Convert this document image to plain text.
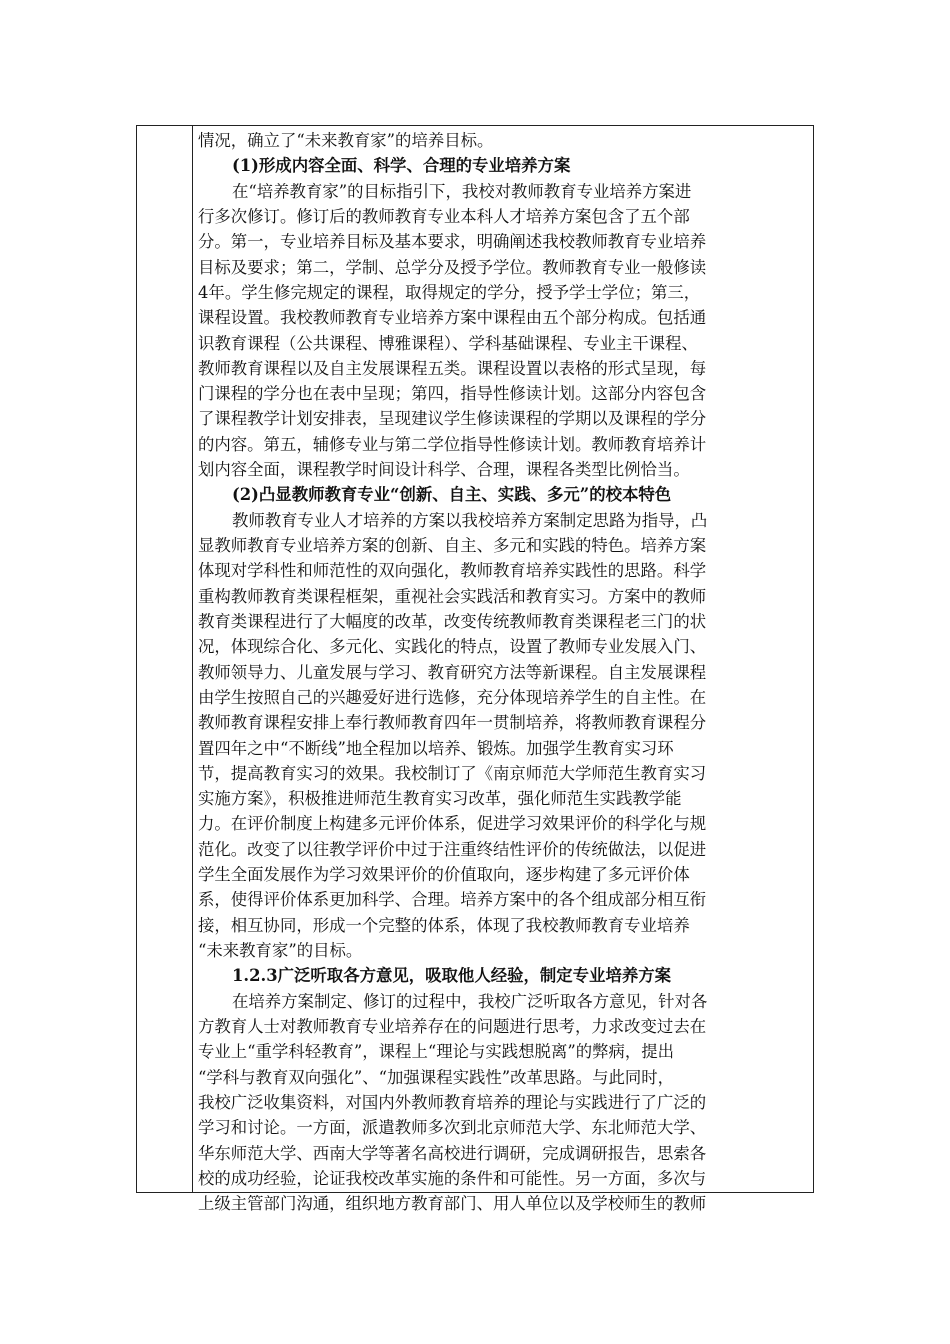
情况，确立了“未来教育家”的培养目标。
(1)形成内容全面、科学、合理的专业培养方案
在“培养教育家”的目标指引下，我校对教师教育专业培养方案进
行多次修订。修订后的教师教育专业本科人才培养方案包含了五个部
分。第一，专业培养目标及基本要求，明确阐述我校教师教育专业培养
目标及要求；第二，学制、总学分及授予学位。教师教育专业一般修读
4年。学生修完规定的课程，取得规定的学分，授予学士学位；第三，
课程设置。我校教师教育专业培养方案中课程由五个部分构成。包括通
识教育课程（公共课程、博雅课程）、学科基础课程、专业主干课程、
教师教育课程以及自主发展课程五类。课程设置以表格的形式呈现，每
门课程的学分也在表中呈现；第四，指导性修读计划。这部分内容包含
了课程教学计划安排表，呈现建议学生修读课程的学期以及课程的学分
的内容。第五，辅修专业与第二学位指导性修读计划。教师教育培养计
划内容全面，课程教学时间设计科学、合理，课程各类型比例恰当。
(2)凸显教师教育专业“创新、自主、实践、多元”的校本特色
教师教育专业人才培养的方案以我校培养方案制定思路为指导，凸
显教师教育专业培养方案的创新、自主、多元和实践的特色。培养方案
体现对学科性和师范性的双向强化，教师教育培养实践性的思路。科学
重构教师教育类课程框架，重视社会实践活和教育实习。方案中的教师
教育类课程进行了大幅度的改革，改变传统教师教育类课程老三门的状
况，体现综合化、多元化、实践化的特点，设置了教师专业发展入门、
教师领导力、儿童发展与学习、教育研究方法等新课程。自主发展课程
由学生按照自己的兴趣爱好进行选修，充分体现培养学生的自主性。在
教师教育课程安排上奉行教师教育四年一贯制培养，将教师教育课程分
置四年之中“不断线”地全程加以培养、锻炼。加强学生教育实习环
节，提高教育实习的效果。我校制订了《南京师范大学师范生教育实习
实施方案》，积极推进师范生教育实习改革，强化师范生实践教学能
力。在评价制度上构建多元评价体系，促进学习效果评价的科学化与规
范化。改变了以往教学评价中过于注重终结性评价的传统做法，以促进
学生全面发展作为学习效果评价的价值取向，逐步构建了多元评价体
系，使得评价体系更加科学、合理。培养方案中的各个组成部分相互衔
接，相互协同，形成一个完整的体系，体现了我校教师教育专业培养
“未来教育家”的目标。
1.2.3广泛听取各方意见，吸取他人经验，制定专业培养方案
在培养方案制定、修订的过程中，我校广泛听取各方意见，针对各
方教育人士对教师教育专业培养存在的问题进行思考，力求改变过去在
专业上“重学科轻教育”，课程上“理论与实践想脱离”的弊病，提出
“学科与教育双向强化”、“加强课程实践性”改革思路。与此同时，
我校广泛收集资料，对国内外教师教育培养的理论与实践进行了广泛的
学习和讨论。一方面，派遣教师多次到北京师范大学、东北师范大学、
华东师范大学、西南大学等著名高校进行调研，完成调研报告，思索各
校的成功经验，论证我校改革实施的条件和可能性。另一方面，多次与
上级主管部门沟通，组织地方教育部门、用人单位以及学校师生的教师
